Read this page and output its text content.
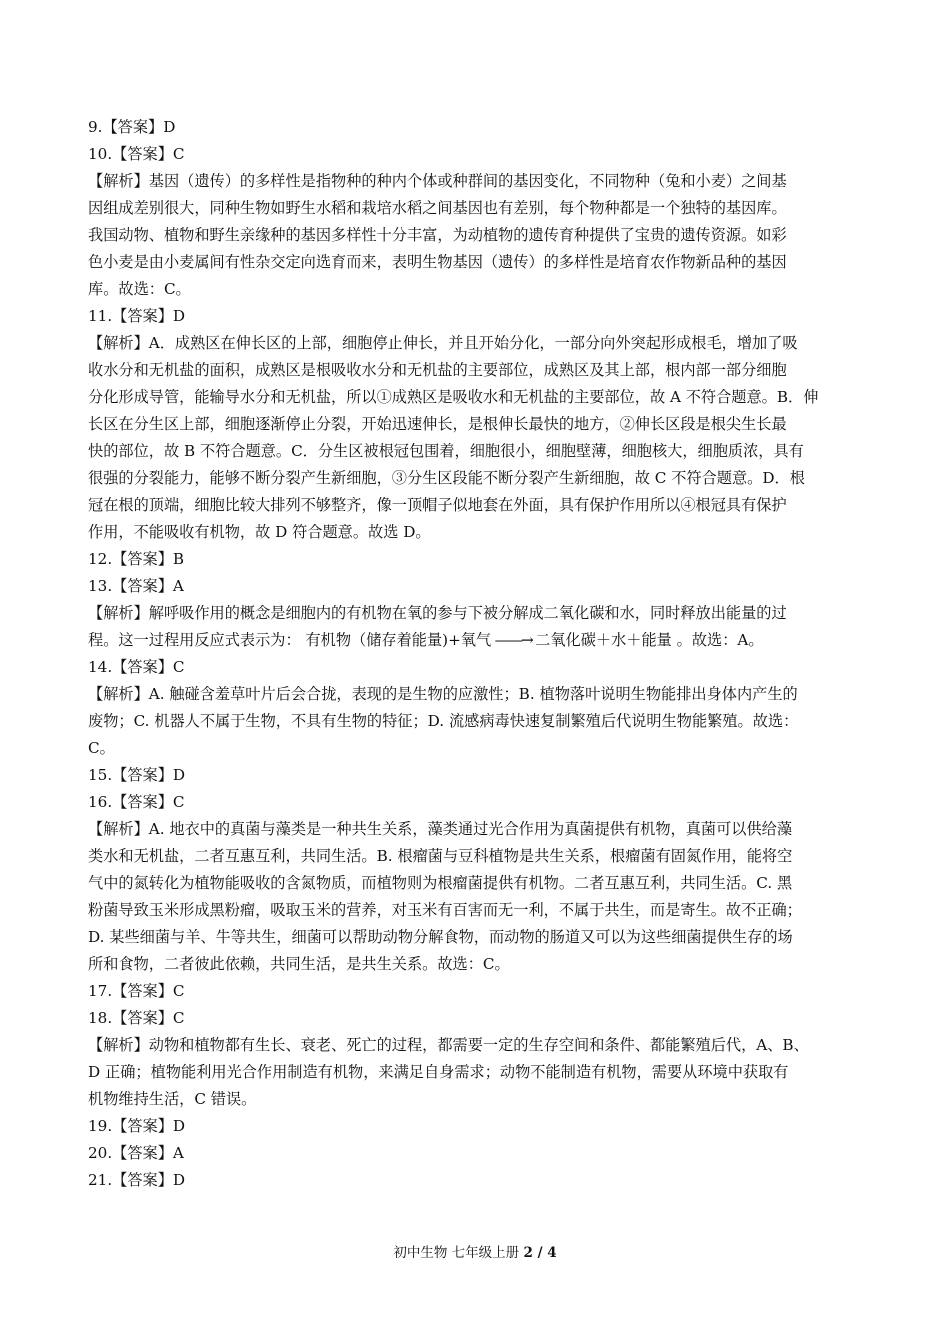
9.【答案】D
10.【答案】C
【解析】基因（遗传）的多样性是指物种的种内个体或种群间的基因变化，不同物种（兔和小麦）之间基
因组成差别很大，同种生物如野生水稻和栽培水稻之间基因也有差别，每个物种都是一个独特的基因库。
我国动物、植物和野生亲缘种的基因多样性十分丰富，为动植物的遗传育种提供了宝贵的遗传资源。如彩
色小麦是由小麦属间有性杂交定向选育而来，表明生物基因（遗传）的多样性是培育农作物新品种的基因
库。故选：C。
11.【答案】D
【解析】A．成熟区在伸长区的上部，细胞停止伸长，并且开始分化，一部分向外突起形成根毛，增加了吸
收水分和无机盐的面积，成熟区是根吸收水分和无机盐的主要部位，成熟区及其上部，根内部一部分细胞
分化形成导管，能输导水分和无机盐，所以①成熟区是吸收水和无机盐的主要部位，故 A 不符合题意。B．伸
长区在分生区上部，细胞逐渐停止分裂，开始迅速伸长，是根伸长最快的地方，②伸长区段是根尖生长最
快的部位，故 B 不符合题意。C．分生区被根冠包围着，细胞很小，细胞壁薄，细胞核大，细胞质浓，具有
很强的分裂能力，能够不断分裂产生新细胞，③分生区段能不断分裂产生新细胞，故 C 不符合题意。D．根
冠在根的顶端，细胞比较大排列不够整齐，像一顶帽子似地套在外面，具有保护作用所以④根冠具有保护
作用，不能吸收有机物，故 D 符合题意。故选 D。
12.【答案】B
13.【答案】A
【解析】解呼吸作用的概念是细胞内的有机物在氧的参与下被分解成二氧化碳和水，同时释放出能量的过
程。这一过程用反应式表示为： 有机物（储存着能量)+氧气 ——→ 二氧化碳＋水＋能量 。故选：A。
14.【答案】C
【解析】A. 触碰含羞草叶片后会合拢，表现的是生物的应激性；B. 植物落叶说明生物能排出身体内产生的
废物；C. 机器人不属于生物，不具有生物的特征；D. 流感病毒快速复制繁殖后代说明生物能繁殖。故选：
C。
15.【答案】D
16.【答案】C
【解析】A. 地衣中的真菌与藻类是一种共生关系，藻类通过光合作用为真菌提供有机物，真菌可以供给藻
类水和无机盐，二者互惠互利，共同生活。B. 根瘤菌与豆科植物是共生关系，根瘤菌有固氮作用，能将空
气中的氮转化为植物能吸收的含氮物质，而植物则为根瘤菌提供有机物。二者互惠互利，共同生活。C. 黑
粉菌导致玉米形成黑粉瘤，吸取玉米的营养，对玉米有百害而无一利，不属于共生，而是寄生。故不正确；
D. 某些细菌与羊、牛等共生，细菌可以帮助动物分解食物，而动物的肠道又可以为这些细菌提供生存的场
所和食物，二者彼此依赖，共同生活，是共生关系。故选：C。
17.【答案】C
18.【答案】C
【解析】动物和植物都有生长、衰老、死亡的过程，都需要一定的生存空间和条件、都能繁殖后代，A、B、
D 正确；植物能利用光合作用制造有机物，来满足自身需求；动物不能制造有机物，需要从环境中获取有
机物维持生活，C 错误。
19.【答案】D
20.【答案】A
21.【答案】D
初中生物 七年级上册 2 / 4
